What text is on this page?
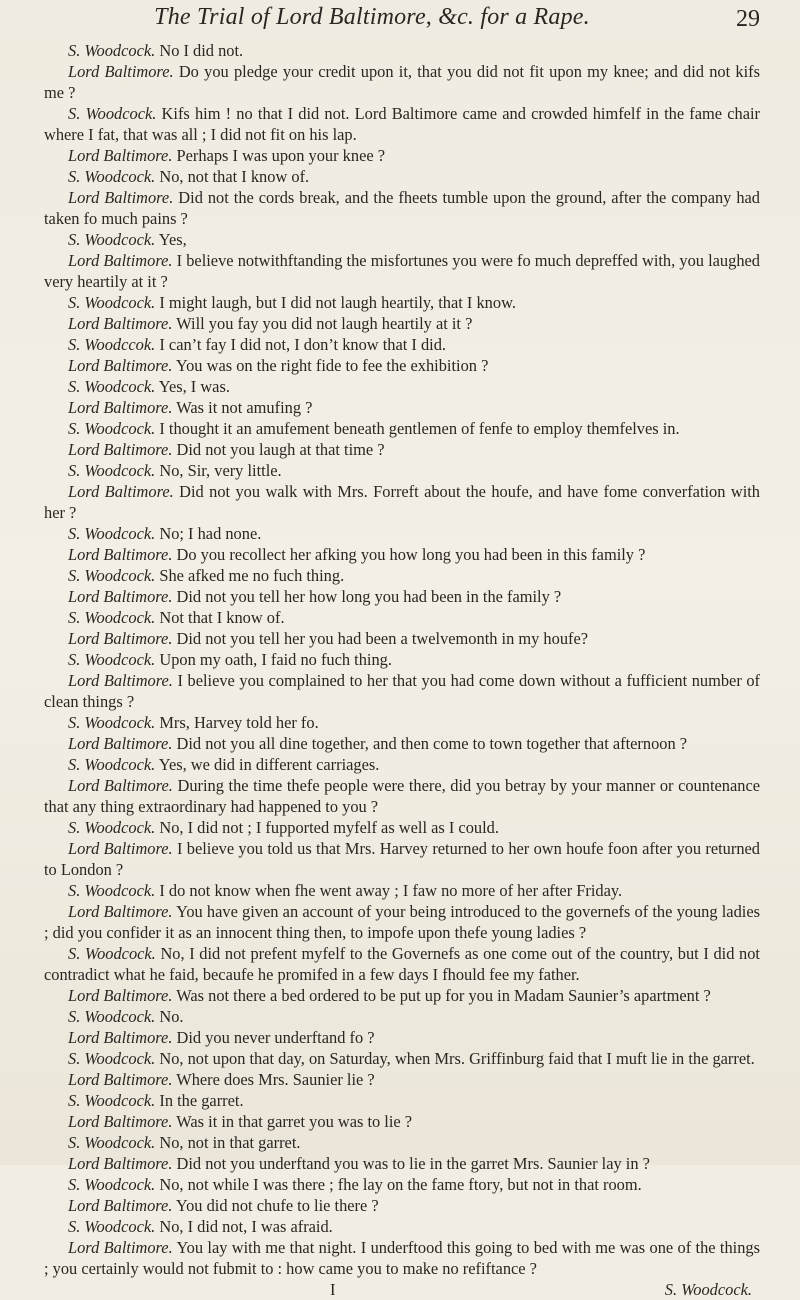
The Trial of Lord Baltimore, &c. for a Rape.	29

S. Woodcock. No I did not.

Lord Baltimore. Do you pledge your credit upon it, that you did not fit upon my knee; and did not kifs me ?

S. Woodcock. Kifs him ! no that I did not. Lord Baltimore came and crowded himfelf in the fame chair where I fat, that was all ; I did not fit on his lap.

Lord Baltimore. Perhaps I was upon your knee ?

S. Woodcock. No, not that I know of.

Lord Baltimore. Did not the cords break, and the fheets tumble upon the ground, after the company had taken fo much pains ?

S. Woodcock. Yes,

Lord Baltimore. I believe notwithftanding the misfortunes you were fo much depreffed with, you laughed very heartily at it ?

S. Woodcock. I might laugh, but I did not laugh heartily, that I know.

Lord Baltimore. Will you fay you did not laugh heartily at it ?

S. Woodccok. I can’t fay I did not, I don’t know that I did.

Lord Baltimore. You was on the right fide to fee the exhibition ?

S. Woodcock. Yes, I was.

Lord Baltimore. Was it not amufing ?

S. Woodcock. I thought it an amufement beneath gentlemen of fenfe to employ themfelves in.

Lord Baltimore. Did not you laugh at that time ?

S. Woodcock. No, Sir, very little.

Lord Baltimore. Did not you walk with Mrs. Forreft about the houfe, and have fome converfation with her ?

S. Woodcock. No; I had none.

Lord Baltimore. Do you recollect her afking you how long you had been in this family ?

S. Woodcock. She afked me no fuch thing.

Lord Baltimore. Did not you tell her how long you had been in the family ?

S. Woodcock. Not that I know of.

Lord Baltimore. Did not you tell her you had been a twelvemonth in my houfe?

S. Woodcock. Upon my oath, I faid no fuch thing.

Lord Baltimore. I believe you complained to her that you had come down without a fufficient number of clean things ?

S. Woodcock. Mrs, Harvey told her fo.

Lord Baltimore. Did not you all dine together, and then come to town together that afternoon ?

S. Woodcock. Yes, we did in different carriages.

Lord Baltimore. During the time thefe people were there, did you betray by your manner or countenance that any thing extraordinary had happened to you ?

S. Woodcock. No, I did not ; I fupported myfelf as well as I could.

Lord Baltimore. I believe you told us that Mrs. Harvey returned to her own houfe foon after you returned to London ?

S. Woodcock. I do not know when fhe went away ; I faw no more of her after Friday.

Lord Baltimore. You have given an account of your being introduced to the governefs of the young ladies ; did you confider it as an innocent thing then, to impofe upon thefe young ladies ?

S. Woodcock. No, I did not prefent myfelf to the Governefs as one come out of the country, but I did not contradict what he faid, becaufe he promifed in a few days I fhould fee my father.

Lord Baltimore. Was not there a bed ordered to be put up for you in Madam Saunier’s apartment ?

S. Woodcock. No.

Lord Baltimore. Did you never underftand fo ?

S. Woodcock. No, not upon that day, on Saturday, when Mrs. Griffinburg faid that I muft lie in the garret.

Lord Baltimore. Where does Mrs. Saunier lie ?

S. Woodcock. In the garret.

Lord Baltimore. Was it in that garret you was to lie ?

S. Woodcock. No, not in that garret.

Lord Baltimore. Did not you underftand you was to lie in the garret Mrs. Saunier lay in ?

S. Woodcock. No, not while I was there ; fhe lay on the fame ftory, but not in that room.

Lord Baltimore. You did not chufe to lie there ?

S. Woodcock. No, I did not, I was afraid.

Lord Baltimore. You lay with me that night. I underftood this going to bed with me was one of the things ; you certainly would not fubmit to : how came you to make no refiftance ?

I	S. Woodcock.
